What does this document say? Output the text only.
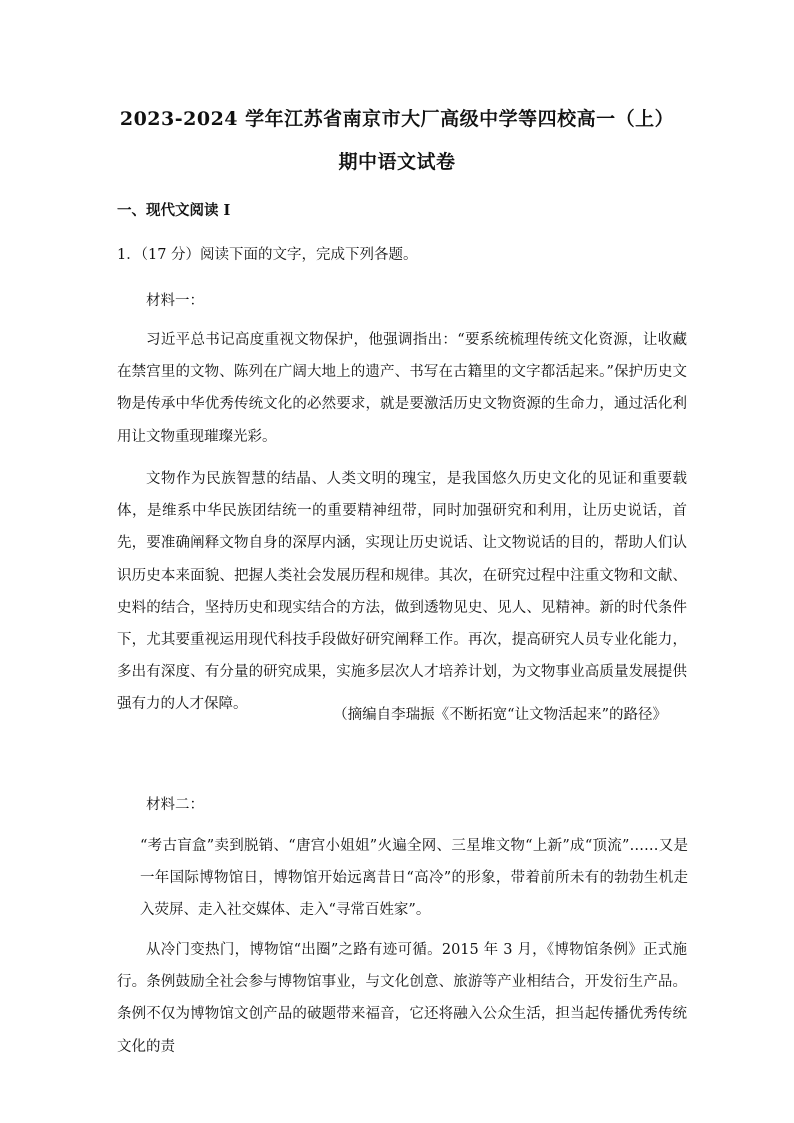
2023-2024 学年江苏省南京市大厂高级中学等四校高一（上）
期中语文试卷
一、现代文阅读 I
1．（17 分）阅读下面的文字，完成下列各题。
材料一：

习近平总书记高度重视文物保护，他强调指出：“要系统梳理传统文化资源，让收藏在禁宫里的文物、陈列在广阔大地上的遗产、书写在古籍里的文字都活起来。”保护历史文物是传承中华优秀传统文化的必然要求，就是要激活历史文物资源的生命力，通过活化利用让文物重现璀璨光彩。

文物作为民族智慧的结晶、人类文明的瑰宝，是我国悠久历史文化的见证和重要载体，是维系中华民族团结统一的重要精神纽带，同时加强研究和利用，让历史说话，首先，要准确阐释文物自身的深厚内涵，实现让历史说话、让文物说话的目的，帮助人们认识历史本来面貌、把握人类社会发展历程和规律。其次，在研究过程中注重文物和文献、史料的结合，坚持历史和现实结合的方法，做到透物见史、见人、见精神。新的时代条件下，尤其要重视运用现代科技手段做好研究阐释工作。再次，提高研究人员专业化能力，多出有深度、有分量的研究成果，实施多层次人才培养计划，为文物事业高质量发展提供强有力的人才保障。

（摘编自李瑞振《不断拓宽“让文物活起来”的路径》
材料二：

“考古盲盒”卖到脱销、“唐宫小姐姐”火遍全网、三星堆文物“上新”成“顶流”……又是一年国际博物馆日，博物馆开始远离昔日“高冷”的形象，带着前所未有的勃勃生机走入荧屏、走入社交媒体、走入“寻常百姓家”。

从冷门变热门，博物馆“出圈”之路有迹可循。2015 年 3 月，《博物馆条例》正式施行。条例鼓励全社会参与博物馆事业，与文化创意、旅游等产业相结合，开发衍生产品。条例不仅为博物馆文创产品的破题带来福音，它还将融入公众生活，担当起传播优秀传统文化的责
